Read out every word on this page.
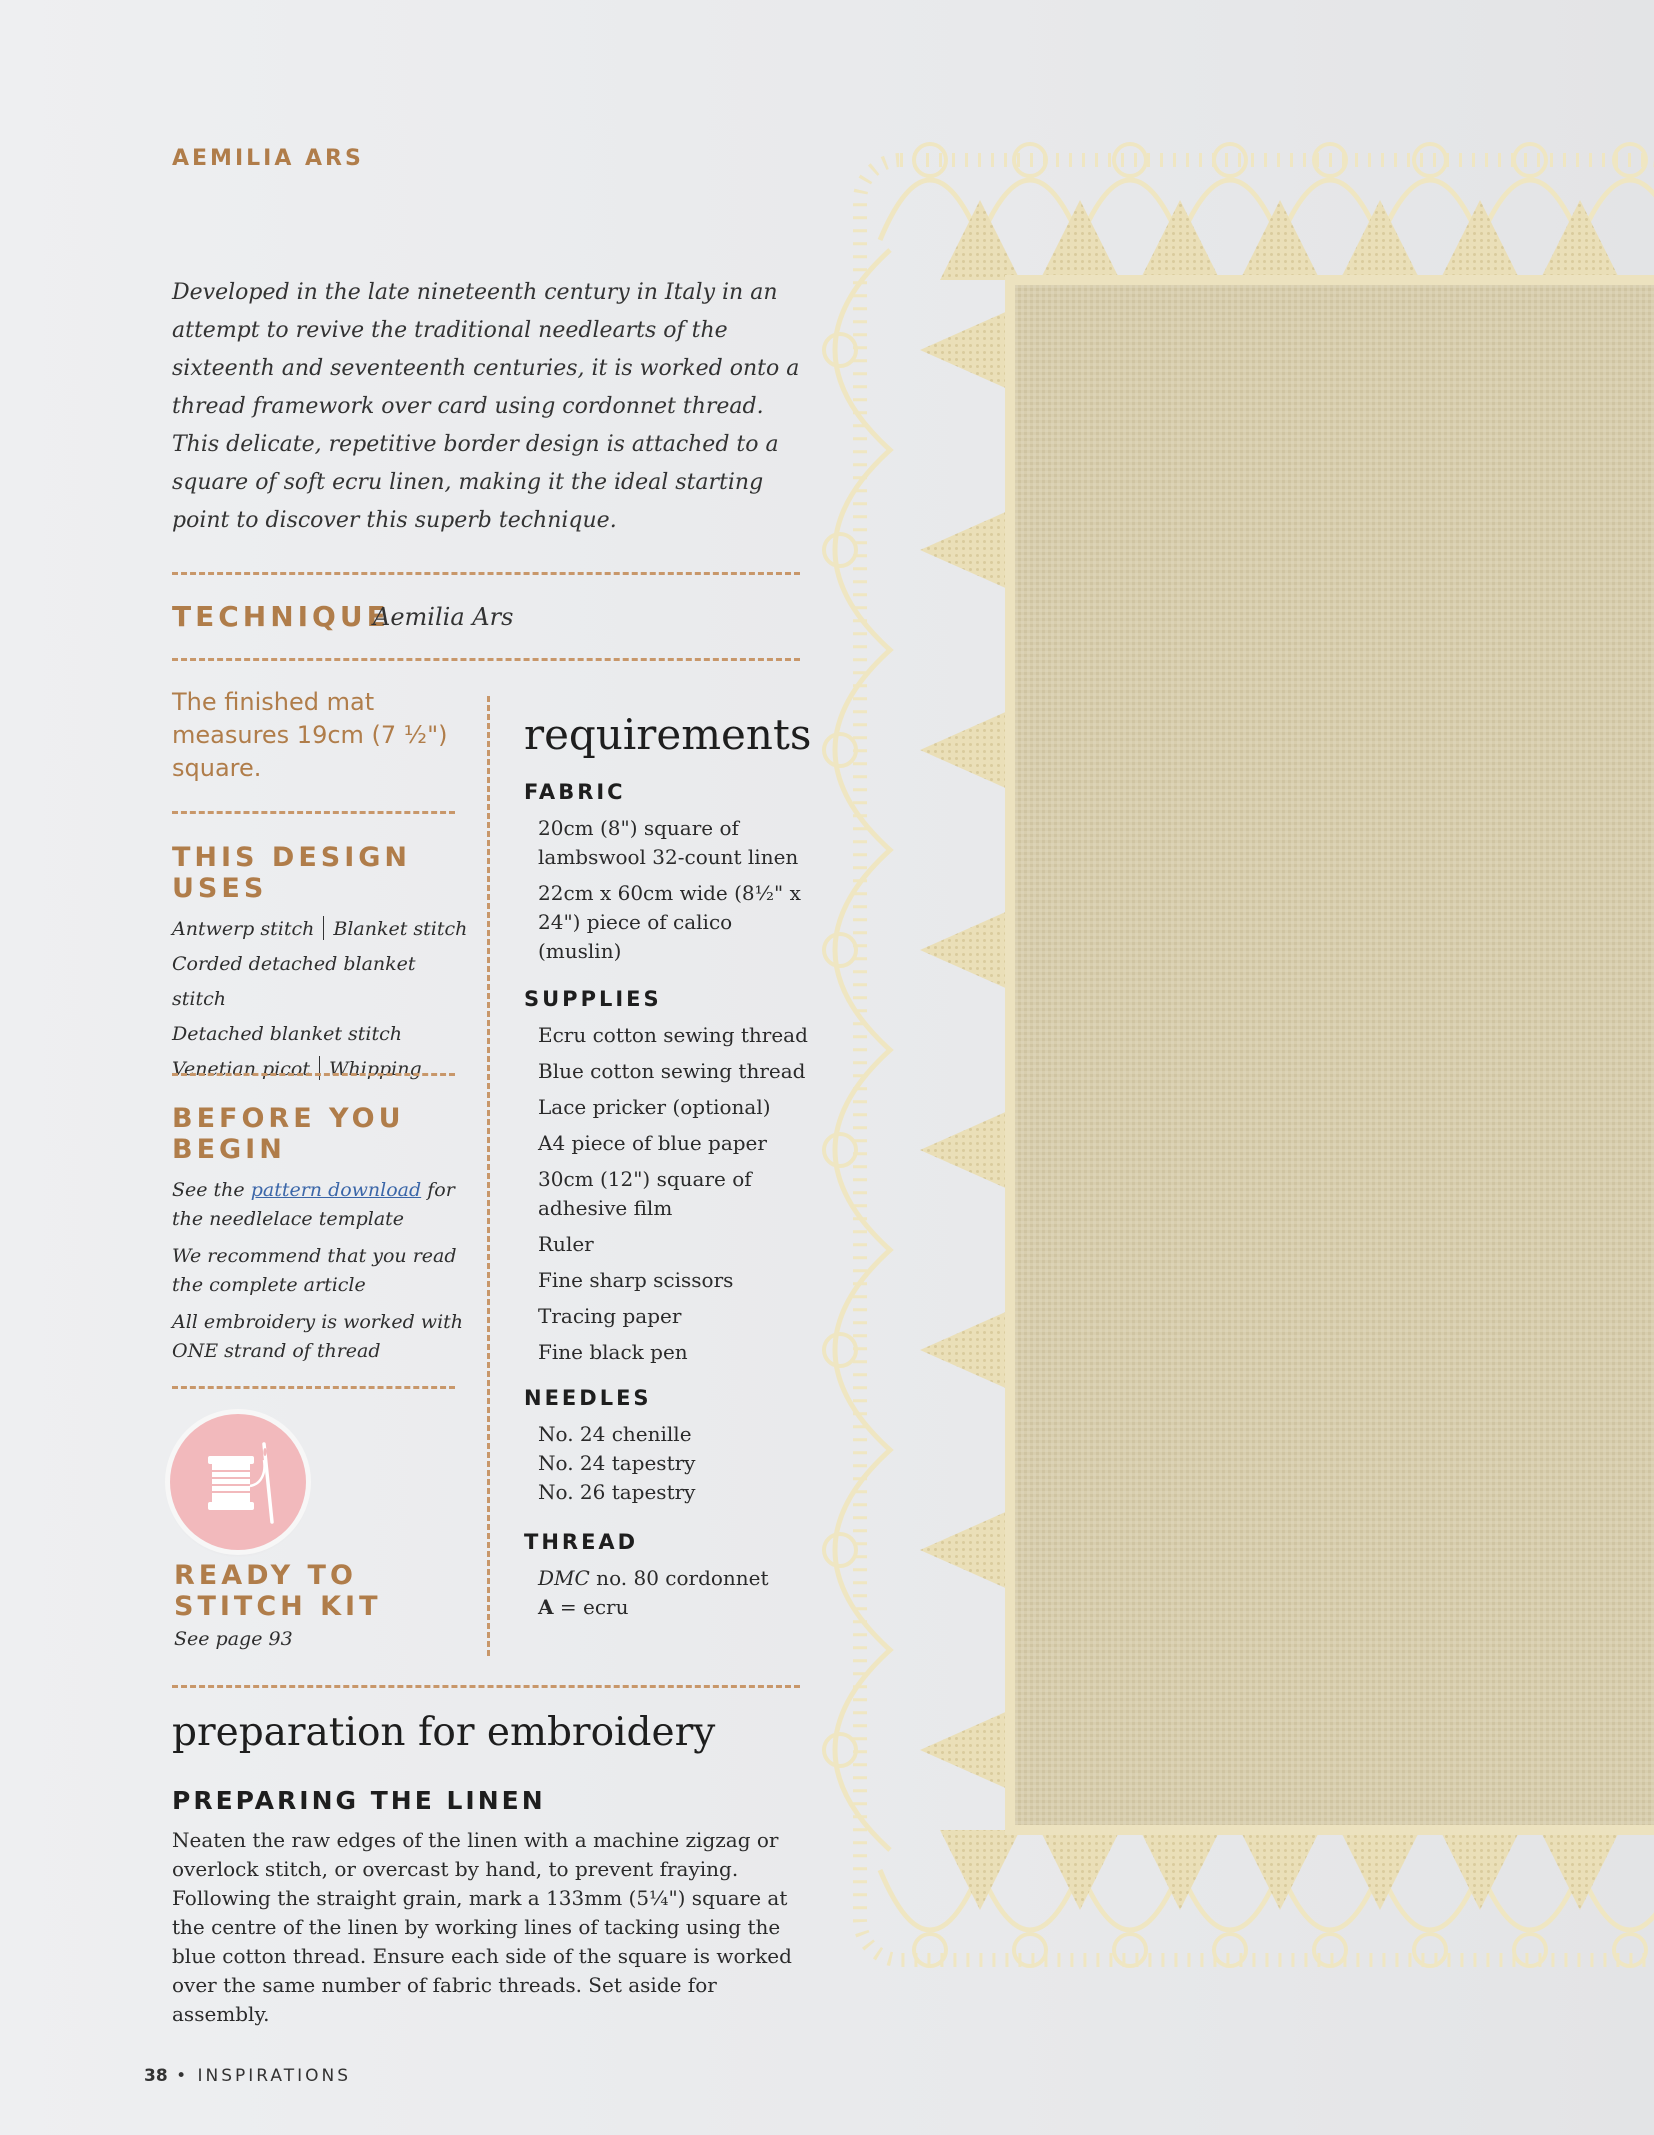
AEMILIA ARS
Developed in the late nineteenth century in Italy in an attempt to revive the traditional needlearts of the sixteenth and seventeenth centuries, it is worked onto a thread framework over card using cordonnet thread. This delicate, repetitive border design is attached to a square of soft ecru linen, making it the ideal starting point to discover this superb technique.
TECHNIQUE
Aemilia Ars
The finished mat measures 19cm (7 ½") square.
THIS DESIGN
USES
Antwerp stitch Blanket stitch
Corded detached blanket stitch
Detached blanket stitch
Venetian picot Whipping
BEFORE YOU
BEGIN

See the pattern download for the needlelace template

We recommend that you read the complete article

All embroidery is worked with ONE strand of thread

READY TO
STITCH KIT
See page 93
requirements
FABRIC
20cm (8") square of lambswool 32-count linen
22cm x 60cm wide (8½" x 24") piece of calico (muslin)
SUPPLIES
Ecru cotton sewing thread
Blue cotton sewing thread
Lace pricker (optional)
A4 piece of blue paper
30cm (12") square of adhesive film
Ruler
Fine sharp scissors
Tracing paper
Fine black pen
NEEDLES
No. 24 chenille
No. 24 tapestry
No. 26 tapestry
THREAD
DMC no. 80 cordonnet
A = ecru
preparation for embroidery
PREPARING THE LINEN
Neaten the raw edges of the linen with a machine zigzag or overlock stitch, or overcast by hand, to prevent fraying. Following the straight grain, mark a 133mm (5¼") square at the centre of the linen by working lines of tacking using the blue cotton thread. Ensure each side of the square is worked over the same number of fabric threads. Set aside for assembly.
38 • INSPIRATIONS
